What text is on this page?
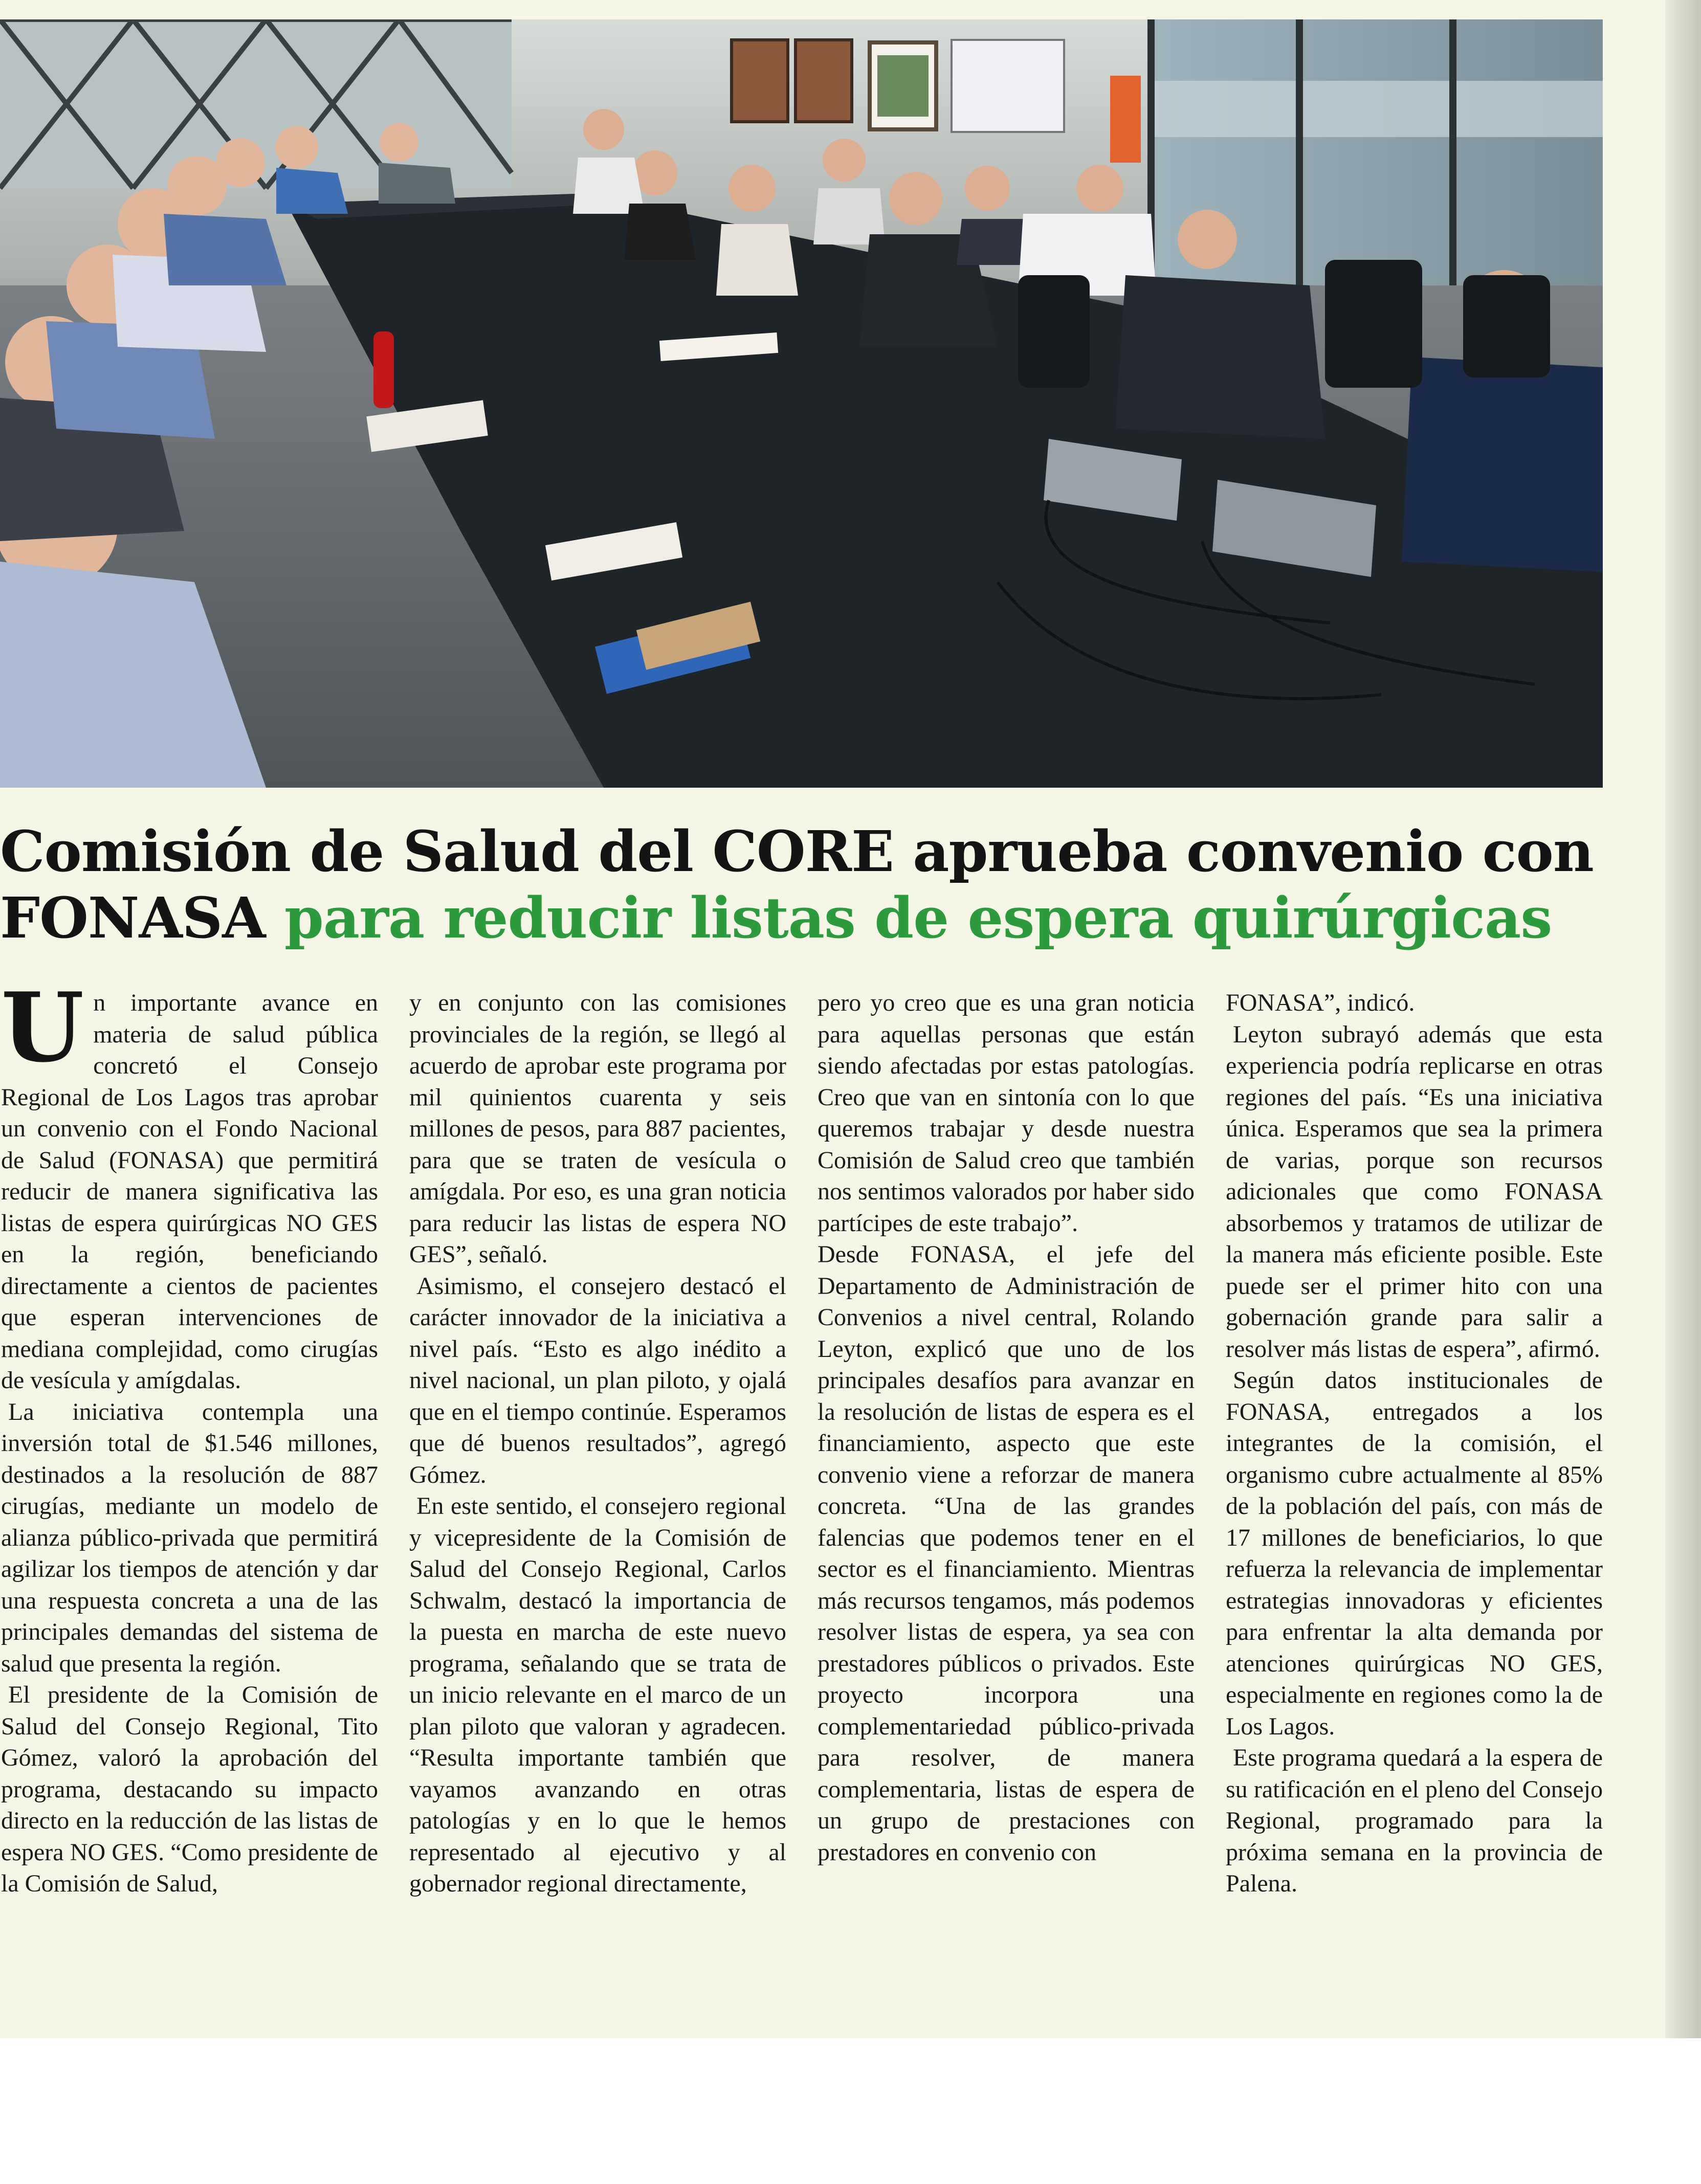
Comisión de Salud del CORE aprueba convenio con FONASA para reducir listas de espera quirúrgicas

Un importante avance en materia de salud pública concretó el Consejo Regional de Los Lagos tras aprobar un convenio con el Fondo Nacional de Salud (FONASA) que permitirá reducir de manera significativa las listas de espera quirúrgicas NO GES en la región, beneficiando directamente a cientos de pacientes que esperan intervenciones de mediana complejidad, como cirugías de vesícula y amígdalas.

La iniciativa contempla una inversión total de $1.546 millones, destinados a la resolución de 887 cirugías, mediante un modelo de alianza público-privada que permitirá agilizar los tiempos de atención y dar una respuesta concreta a una de las principales demandas del sistema de salud que presenta la región.

El presidente de la Comisión de Salud del Consejo Regional, Tito Gómez, valoró la aprobación del programa, destacando su impacto directo en la reducción de las listas de espera NO GES. “Como presidente de la Comisión de Salud,

y en conjunto con las comisiones provinciales de la región, se llegó al acuerdo de aprobar este programa por mil quinientos cuarenta y seis millones de pesos, para 887 pacientes, para que se traten de vesícula o amígdala. Por eso, es una gran noticia para reducir las listas de espera NO GES”, señaló.

Asimismo, el consejero destacó el carácter innovador de la iniciativa a nivel país. “Esto es algo inédito a nivel nacional, un plan piloto, y ojalá que en el tiempo continúe. Esperamos que dé buenos resultados”, agregó Gómez.

En este sentido, el consejero regional y vicepresidente de la Comisión de Salud del Consejo Regional, Carlos Schwalm, destacó la importancia de la puesta en marcha de este nuevo programa, señalando que se trata de un inicio relevante en el marco de un plan piloto que valoran y agradecen. “Resulta importante también que vayamos avanzando en otras patologías y en lo que le hemos representado al ejecutivo y al gobernador regional directamente,

pero yo creo que es una gran noticia para aquellas personas que están siendo afectadas por estas patologías. Creo que van en sintonía con lo que queremos trabajar y desde nuestra Comisión de Salud creo que también nos sentimos valorados por haber sido partícipes de este trabajo”.

Desde FONASA, el jefe del Departamento de Administración de Convenios a nivel central, Rolando Leyton, explicó que uno de los principales desafíos para avanzar en la resolución de listas de espera es el financiamiento, aspecto que este convenio viene a reforzar de manera concreta. “Una de las grandes falencias que podemos tener en el sector es el financiamiento. Mientras más recursos tengamos, más podemos resolver listas de espera, ya sea con prestadores públicos o privados. Este proyecto incorpora una complementariedad público-privada para resolver, de manera complementaria, listas de espera de un grupo de prestaciones con prestadores en convenio con

FONASA”, indicó.

Leyton subrayó además que esta experiencia podría replicarse en otras regiones del país. “Es una iniciativa única. Esperamos que sea la primera de varias, porque son recursos adicionales que como FONASA absorbemos y tratamos de utilizar de la manera más eficiente posible. Este puede ser el primer hito con una gobernación grande para salir a resolver más listas de espera”, afirmó.

Según datos institucionales de FONASA, entregados a los integrantes de la comisión, el organismo cubre actualmente al 85% de la población del país, con más de 17 millones de beneficiarios, lo que refuerza la relevancia de implementar estrategias innovadoras y eficientes para enfrentar la alta demanda por atenciones quirúrgicas NO GES, especialmente en regiones como la de Los Lagos.

Este programa quedará a la espera de su ratificación en el pleno del Consejo Regional, programado para la próxima semana en la provincia de Palena.
